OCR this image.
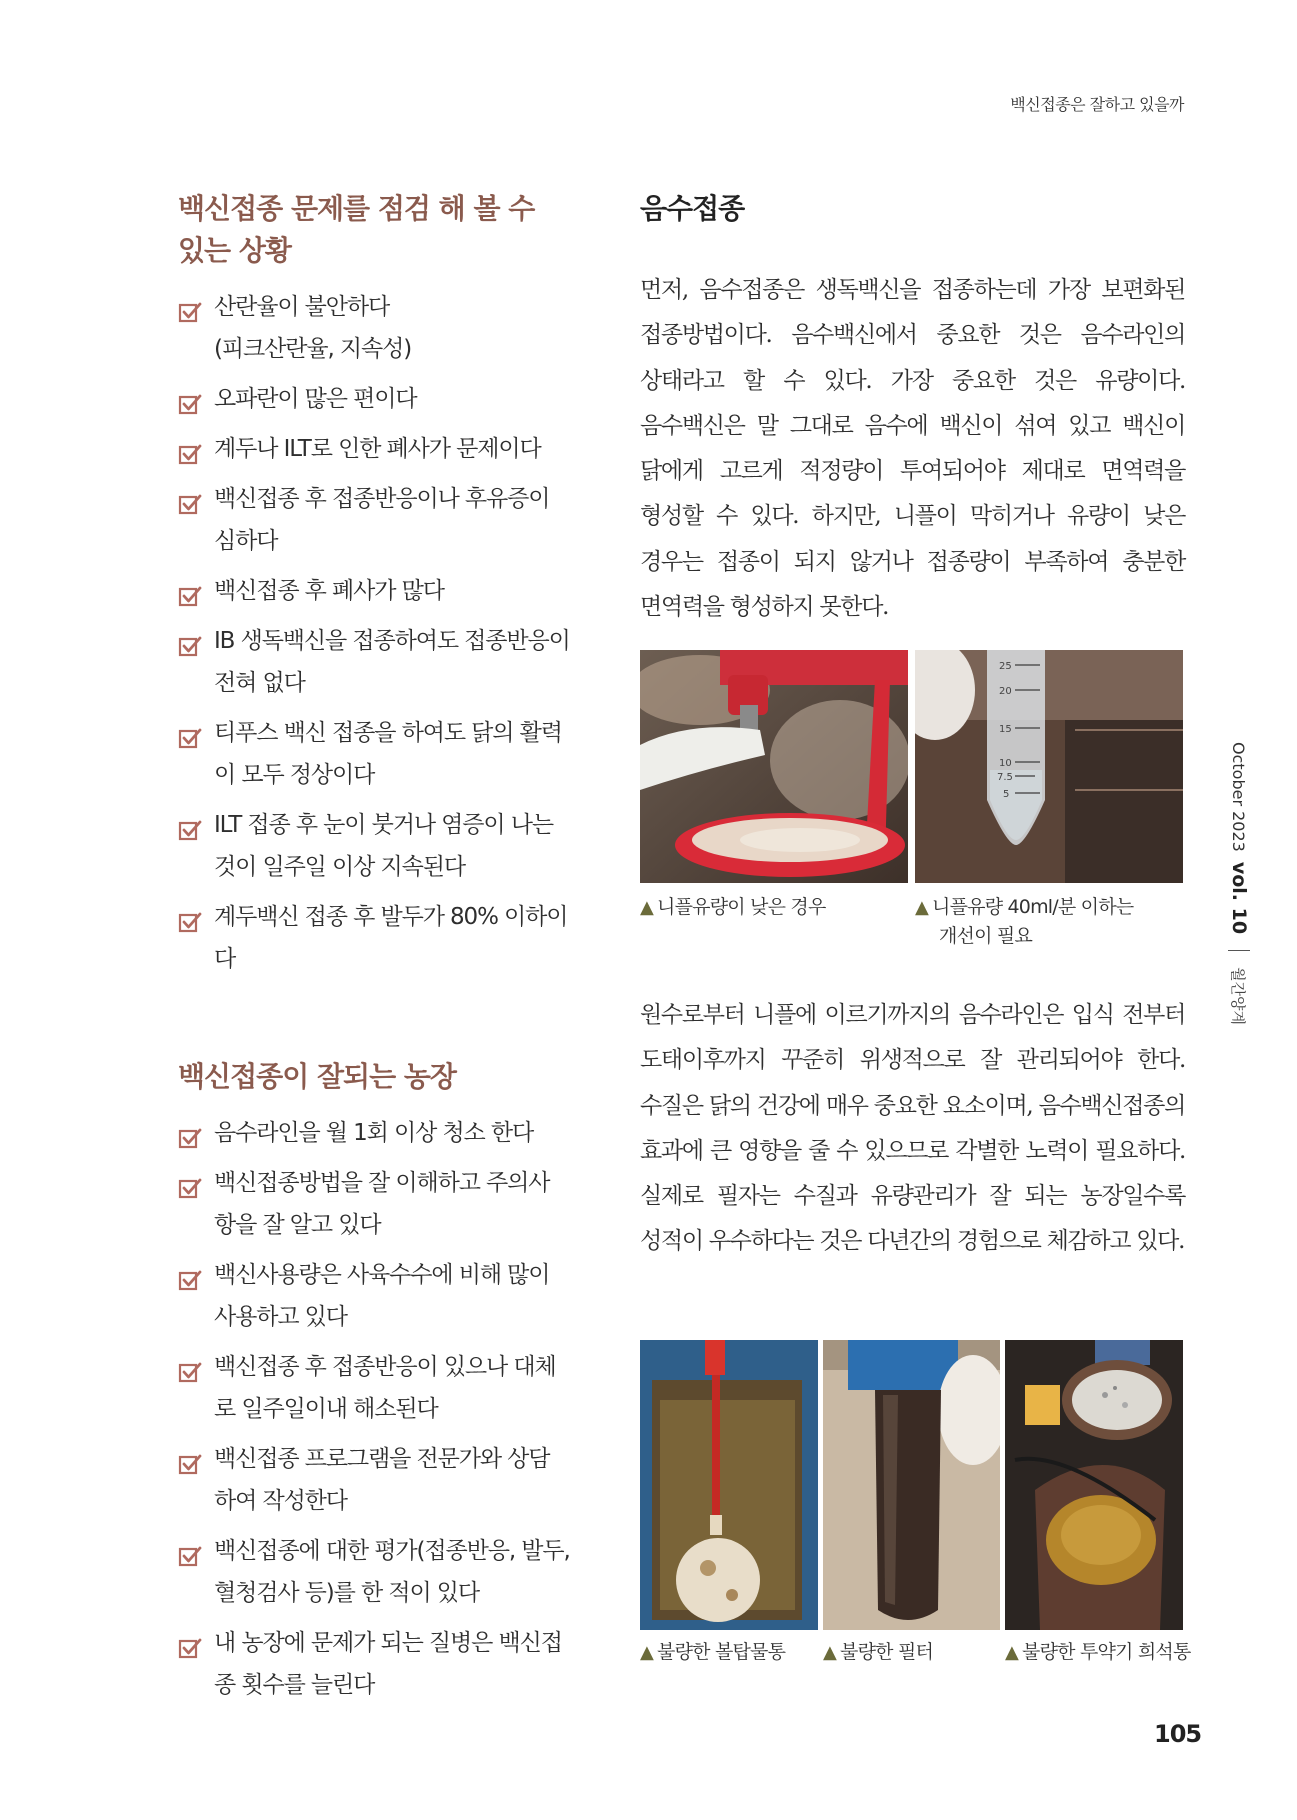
백신접종은 잘하고 있을까
October 2023
vol. 10
월간양계
백신접종 문제를 점검 해 볼 수
있는 상황
산란율이 불안하다
(피크산란율, 지속성)
오파란이 많은 편이다
계두나 ILT로 인한 폐사가 문제이다
백신접종 후 접종반응이나 후유증이
심하다
백신접종 후 폐사가 많다
IB 생독백신을 접종하여도 접종반응이
전혀 없다
티푸스 백신 접종을 하여도 닭의 활력
이 모두 정상이다
ILT 접종 후 눈이 붓거나 염증이 나는
것이 일주일 이상 지속된다
계두백신 접종 후 발두가 80% 이하이다
백신접종이 잘되는 농장
음수라인을 월 1회 이상 청소 한다
백신접종방법을 잘 이해하고 주의사
항을 잘 알고 있다
백신사용량은 사육수수에 비해 많이
사용하고 있다
백신접종 후 접종반응이 있으나 대체
로 일주일이내 해소된다
백신접종 프로그램을 전문가와 상담
하여 작성한다
백신접종에 대한 평가(접종반응, 발두,
혈청검사 등)를 한 적이 있다
내 농장에 문제가 되는 질병은 백신접
종 횟수를 늘린다
음수접종

먼저, 음수접종은 생독백신을 접종하는데 가장 보편화된 접종방법이다. 음수백신에서 중요한 것은 음수라인의 상태라고 할 수 있다. 가장 중요한 것은 유량이다. 음수백신은 말 그대로 음수에 백신이 섞여 있고 백신이 닭에게 고르게 적정량이 투여되어야 제대로 면역력을 형성할 수 있다. 하지만, 니플이 막히거나 유량이 낮은 경우는 접종이 되지 않거나 접종량이 부족하여 충분한 면역력을 형성하지 못한다.

25
20
15
10
7.5
5
▲ 니플유량이 낮은 경우	▲ 니플유량 40ml/분 이하는
개선이 필요

원수로부터 니플에 이르기까지의 음수라인은 입식 전부터 도태이후까지 꾸준히 위생적으로 잘 관리되어야 한다. 수질은 닭의 건강에 매우 중요한 요소이며, 음수백신접종의 효과에 큰 영향을 줄 수 있으므로 각별한 노력이 필요하다. 실제로 필자는 수질과 유량관리가 잘 되는 농장일수록 성적이 우수하다는 것은 다년간의 경험으로 체감하고 있다.

▲ 불량한 볼탑물통 ▲ 불량한 필터	▲ 불량한 투약기 희석통
105
